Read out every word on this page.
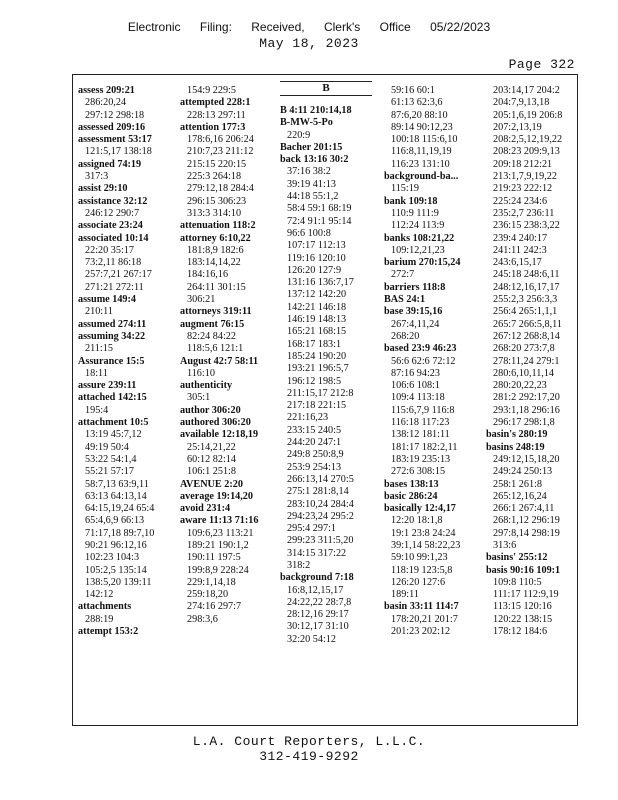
Electronic Filing: Received, Clerk's Office 05/22/2023
May 18, 2023
Page 322
B
assess 209:21
286:20,24
297:12 298:18
assessed 209:16
assessment 53:17
121:5,17 138:18
assigned 74:19
317:3
assist 29:10
assistance 32:12
246:12 290:7
associate 23:24
associated 10:14
22:20 35:17
73:2,11 86:18
257:7,21 267:17
271:21 272:11
assume 149:4
210:11
assumed 274:11
assuming 34:22
211:15
Assurance 15:5
18:11
assure 239:11
attached 142:15
195:4
attachment 10:5
13:19 45:7,12
49:19 50:4
53:22 54:1,4
55:21 57:17
58:7,13 63:9,11
63:13 64:13,14
64:15,19,24 65:4
65:4,6,9 66:13
71:17,18 89:7,10
90:21 96:12,16
102:23 104:3
105:2,5 135:14
138:5,20 139:11
142:12
attachments
288:19
attempt 153:2
154:9 229:5
attempted 228:1
228:13 297:11
attention 177:3
178:6,16 206:24
210:7,23 211:12
215:15 220:15
225:3 264:18
279:12,18 284:4
296:15 306:23
313:3 314:10
attenuation 118:2
attorney 6:10,22
181:8,9 182:6
183:14,14,22
184:16,16
264:11 301:15
306:21
attorneys 319:11
augment 76:15
82:24 84:22
118:5,6 121:1
August 42:7 58:11
116:10
authenticity
305:1
author 306:20
authored 306:20
available 12:18,19
25:14,21,22
60:12 82:14
106:1 251:8
AVENUE 2:20
average 19:14,20
avoid 231:4
aware 11:13 71:16
109:6,23 113:21
189:21 190:1,2
190:11 197:5
199:8,9 228:24
229:1,14,18
259:18,20
274:16 297:7
298:3,6
B 4:11 210:14,18
B-MW-5-Po
220:9
Bacher 201:15
back 13:16 30:2
37:16 38:2
39:19 41:13
44:18 55:1,2
58:4 59:1 68:19
72:4 91:1 95:14
96:6 100:8
107:17 112:13
119:16 120:10
126:20 127:9
131:16 136:7,17
137:12 142:20
142:21 146:18
146:19 148:13
165:21 168:15
168:17 183:1
185:24 190:20
193:21 196:5,7
196:12 198:5
211:15,17 212:8
217:18 221:15
221:16,23
233:15 240:5
244:20 247:1
249:8 250:8,9
253:9 254:13
266:13,14 270:5
275:1 281:8,14
283:10,24 284:4
294:23,24 295:2
295:4 297:1
299:23 311:5,20
314:15 317:22
318:2
background 7:18
16:8,12,15,17
24:22,22 28:7,8
28:12,16 29:17
30:12,17 31:10
32:20 54:12
59:16 60:1
61:13 62:3,6
87:6,20 88:10
89:14 90:12,23
100:18 115:6,10
116:8,11,19,19
116:23 131:10
background-ba...
115:19
bank 109:18
110:9 111:9
112:24 113:9
banks 108:21,22
109:12,21,23
barium 270:15,24
272:7
barriers 118:8
BAS 24:1
base 39:15,16
267:4,11,24
268:20
based 23:9 46:23
56:6 62:6 72:12
87:16 94:23
106:6 108:1
109:4 113:18
115:6,7,9 116:8
116:18 117:23
138:12 181:11
181:17 182:2,11
183:19 235:13
272:6 308:15
bases 138:13
basic 286:24
basically 12:4,17
12:20 18:1,8
19:1 23:8 24:24
39:1,14 58:22,23
59:10 99:1,23
118:19 123:5,8
126:20 127:6
189:11
basin 33:11 114:7
178:20,21 201:7
201:23 202:12
203:14,17 204:2
204:7,9,13,18
205:1,6,19 206:8
207:2,13,19
208:2,5,12,19,22
208:23 209:9,13
209:18 212:21
213:1,7,9,19,22
219:23 222:12
225:24 234:6
235:2,7 236:11
236:15 238:3,22
239:4 240:17
241:11 242:3
243:6,15,17
245:18 248:6,11
248:12,16,17,17
255:2,3 256:3,3
256:4 265:1,1,1
265:7 266:5,8,11
267:12 268:8,14
268:20 273:7,8
278:11,24 279:1
280:6,10,11,14
280:20,22,23
281:2 292:17,20
293:1,18 296:16
296:17 298:1,8
basin's 280:19
basins 248:19
249:12,15,18,20
249:24 250:13
258:1 261:8
265:12,16,24
266:1 267:4,11
268:1,12 296:19
297:8,14 298:19
313:6
basins' 255:12
basis 90:16 109:1
109:8 110:5
111:17 112:9,19
113:15 120:16
120:22 138:15
178:12 184:6
L.A. Court Reporters, L.L.C.
312-419-9292
